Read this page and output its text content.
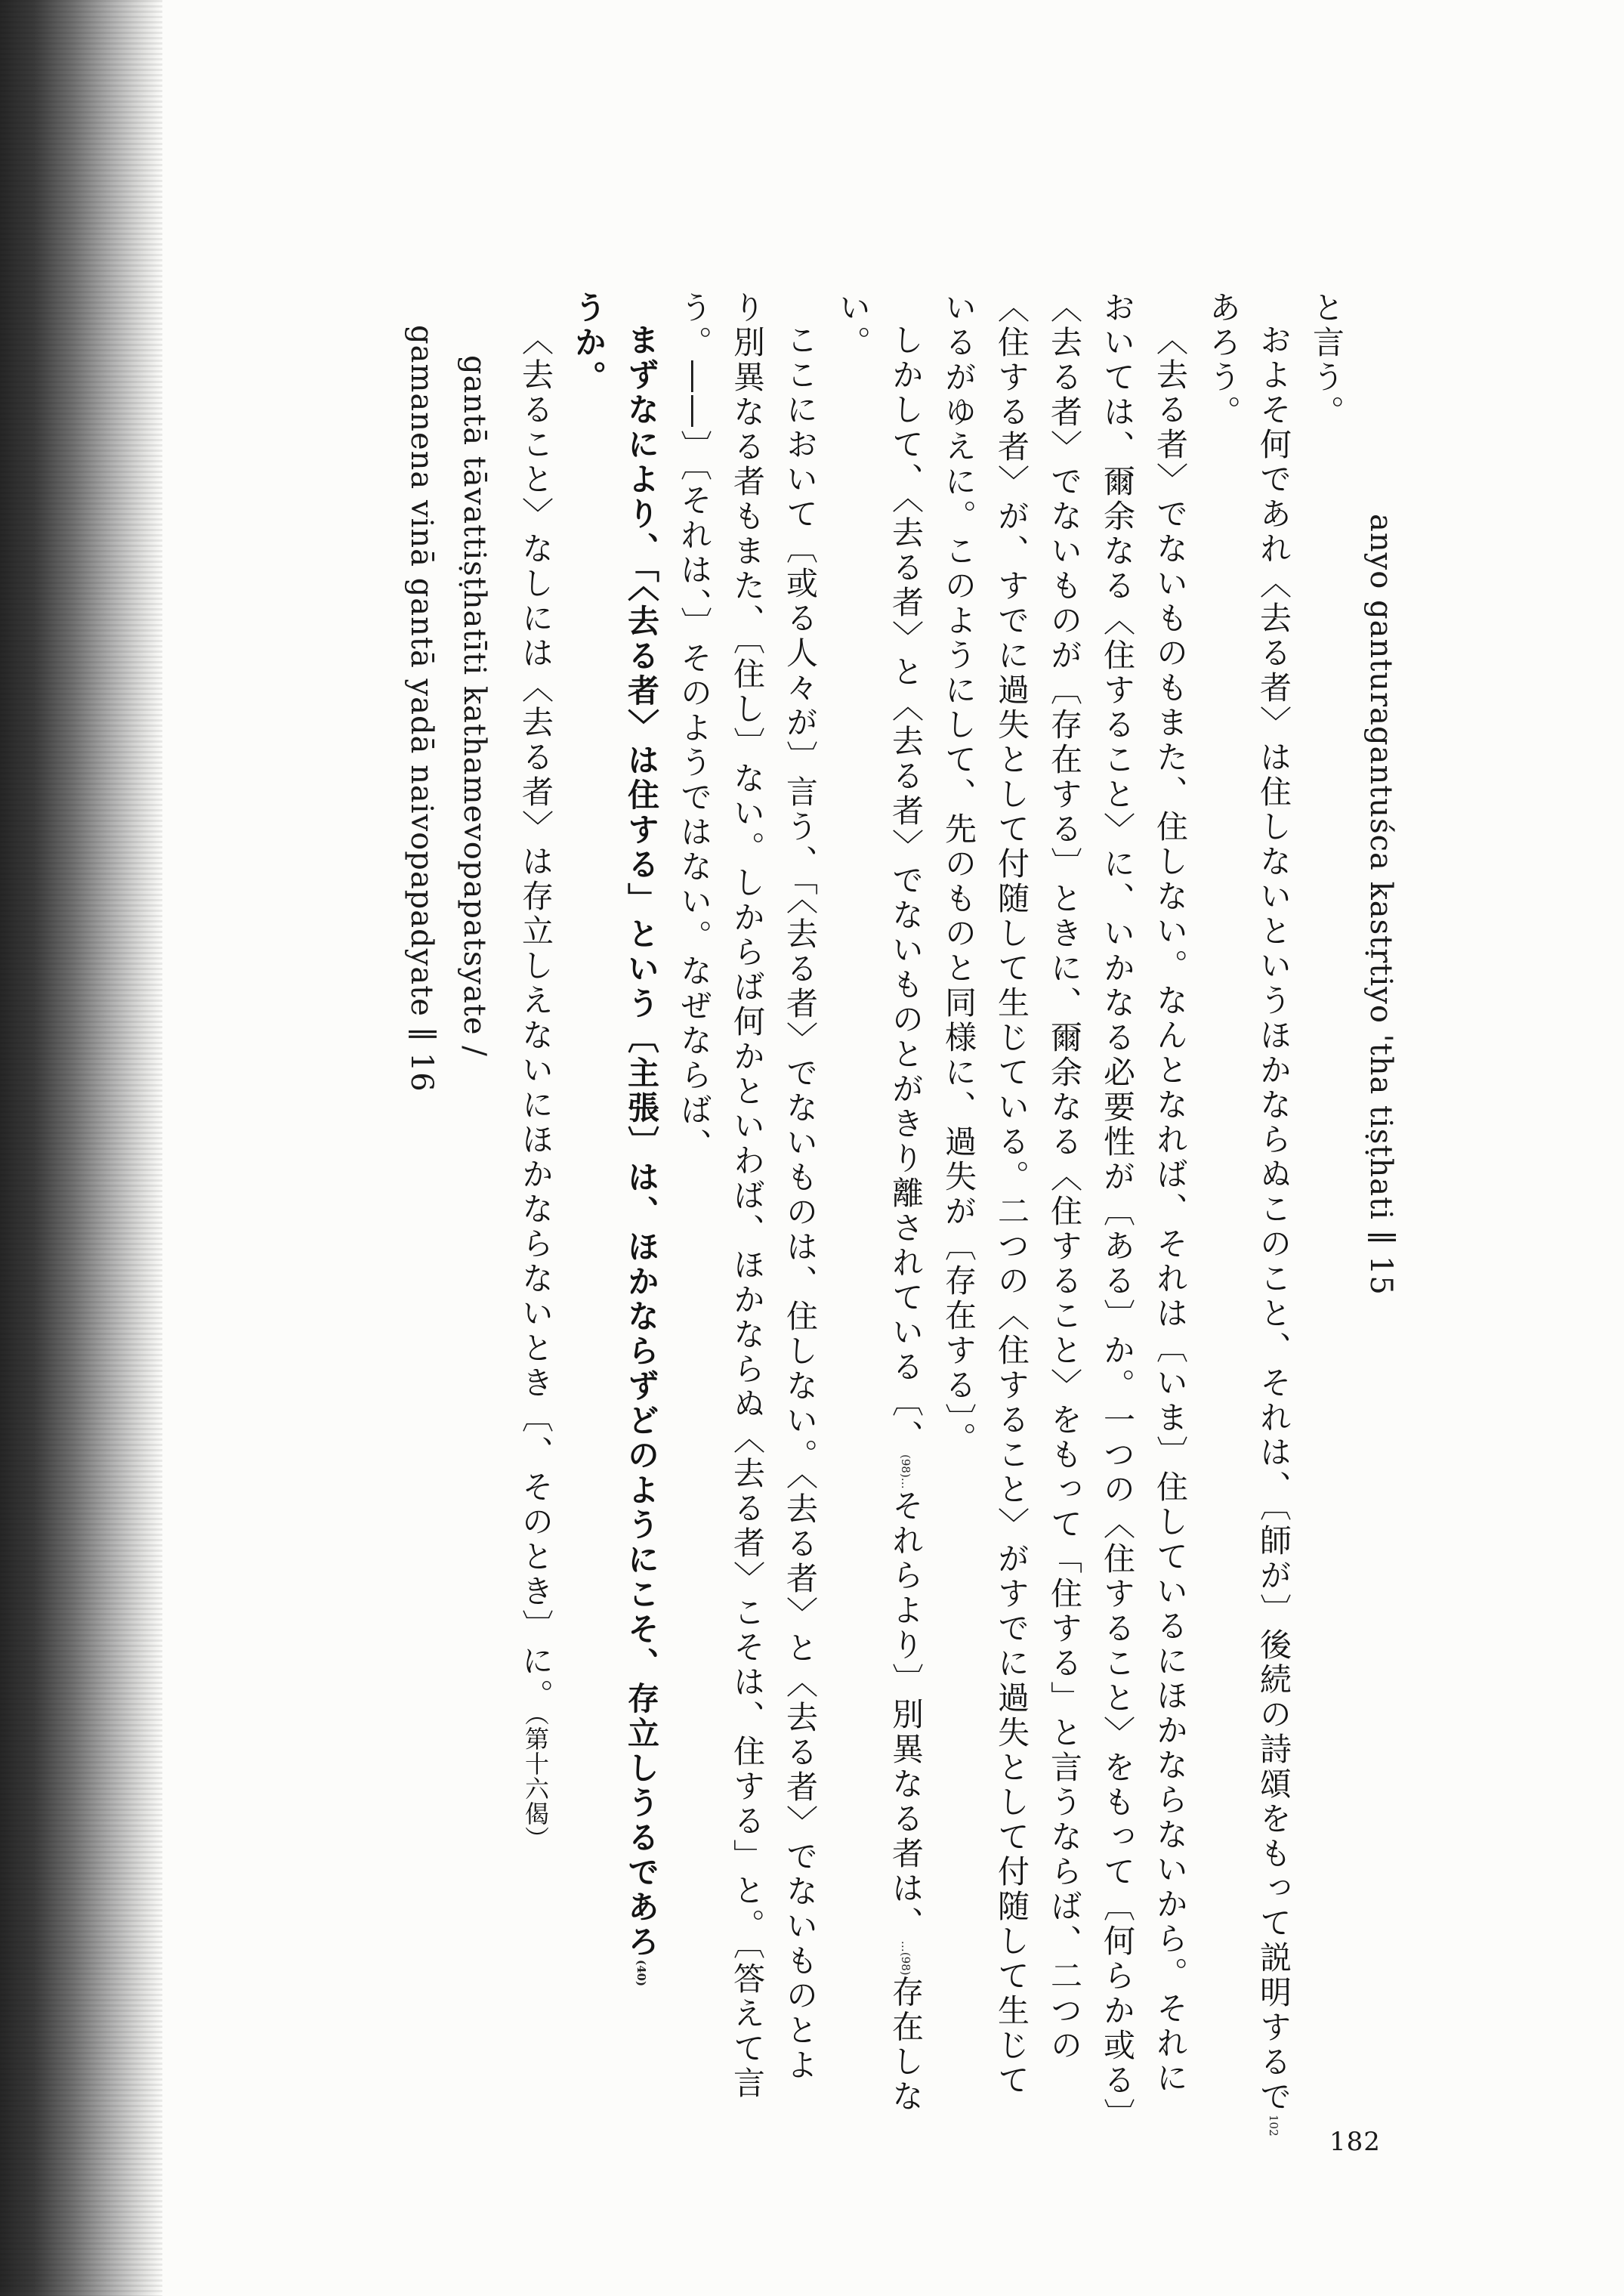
182
anyo ganturagantuśca kastṛtiyo 'tha tiṣṭhati ∥ 15
と言う。
およそ何であれ〈去る者〉は住しないというほかならぬこのこと、それは、〔師が〕後続の詩頌をもって説明するで102
あろう。
〈去る者〉でないものもまた、住しない。なんとなれば、それは〔いま〕住しているにほかならないから。それに
おいては、爾余なる〈住すること〉に、いかなる必要性が〔ある〕か。一つの〈住すること〉をもって〔何らか或る〕
〈去る者〉でないものが〔存在する〕ときに、爾余なる〈住すること〉をもって「住する」と言うならば、二つの
〈住する者〉が、すでに過失として付随して生じている。二つの〈住すること〉がすでに過失として付随して生じて
いるがゆえに。このようにして、先のものと同様に、過失が〔存在する〕。
しかして、〈去る者〉と〈去る者〉でないものとがきり離されている〔、(98)…それらより〕別異なる者は、…(98)存在しな
い。
ここにおいて〔或る人々が〕言う、「〈去る者〉でないものは、住しない。〈去る者〉と〈去る者〉でないものとよ
り別異なる者もまた、〔住し〕ない。しからば何かといわば、ほかならぬ〈去る者〉こそは、住する」と。〔答えて言
う。――〕〔それは、〕そのようではない。なぜならば、
まずなにより、「〈去る者〉は住する」という〔主張〕は、ほかならずどのようにこそ、存立しうるであろ(40)
うか。
〈去ること〉なしには〈去る者〉は存立しえないにほかならないとき〔、そのとき〕に。（第十六偈）
gantā tāvattiṣṭhatīti kathamevopapatsyate /
gamanena vinā gantā yadā naivopapadyate ∥ 16
